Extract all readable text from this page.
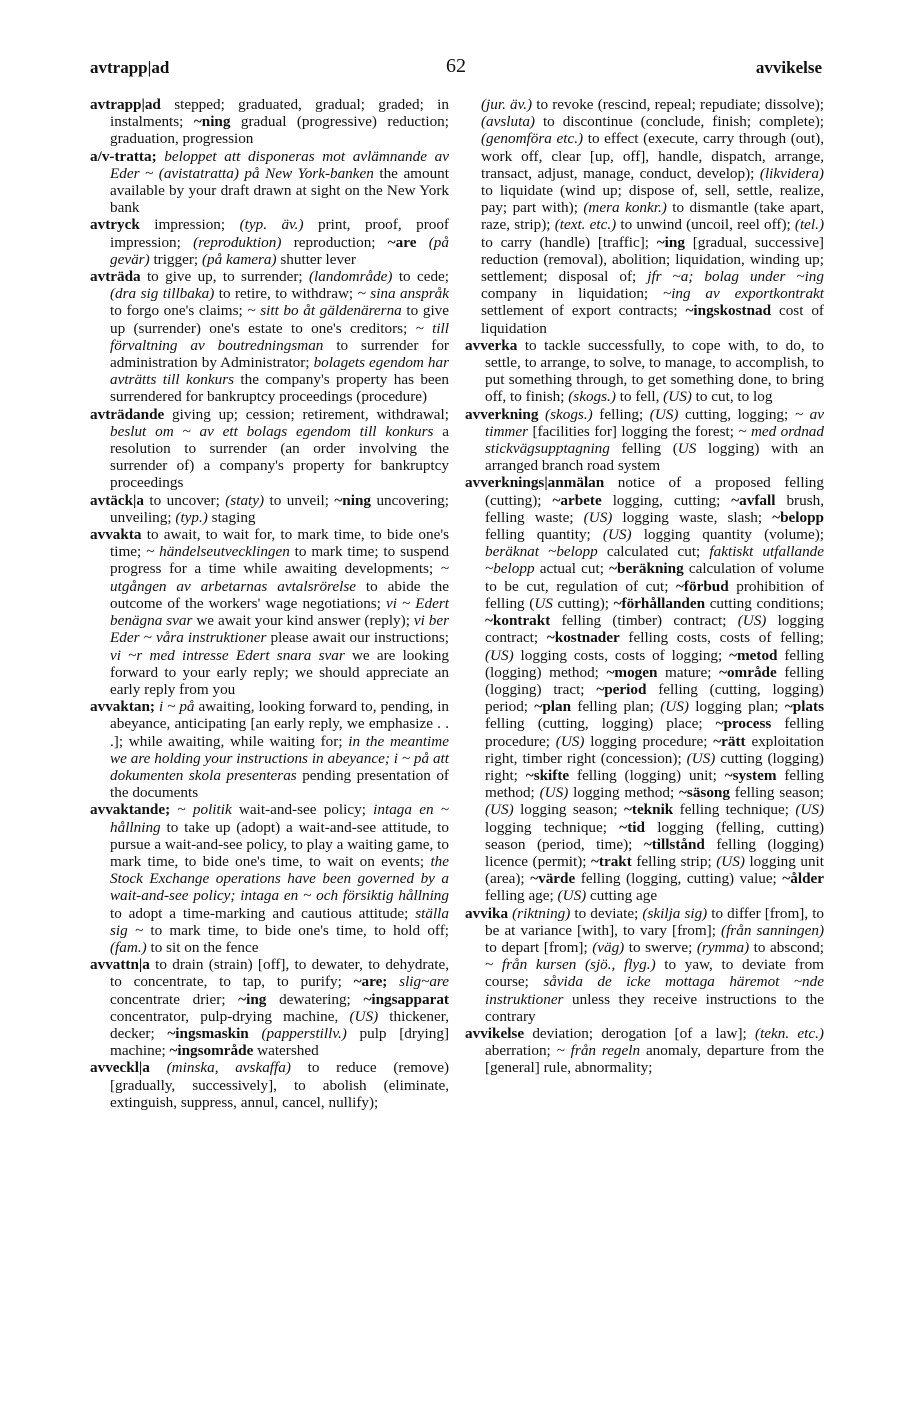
avtrapp|ad	62	avvikelse

avtrapp|ad stepped; graduated, gradual; graded; in instalments; ~ning gradual (progressive) reduction; graduation, progression

a/v-tratta; beloppet att disponeras mot avlämnande av Eder ~ (avistatratta) på New York-banken the amount available by your draft drawn at sight on the New York bank

avtryck impression; (typ. äv.) print, proof, proof impression; (reproduktion) reproduction; ~are (på gevär) trigger; (på kamera) shutter lever

avträda to give up, to surrender; (landområde) to cede; (dra sig tillbaka) to retire, to withdraw; ~ sina anspråk to forgo one's claims; ~ sitt bo åt gäldenärerna to give up (surrender) one's estate to one's creditors; ~ till förvaltning av boutredningsman to surrender for administration by Administrator; bolagets egendom har avträtts till konkurs the company's property has been surrendered for bankruptcy proceedings (procedure)

avträdande giving up; cession; retirement, withdrawal; beslut om ~ av ett bolags egendom till konkurs a resolution to surrender (an order involving the surrender of) a company's property for bankruptcy proceedings

avtäck|a to uncover; (staty) to unveil; ~ning uncovering; unveiling; (typ.) staging

avvakta to await, to wait for, to mark time, to bide one's time; ~ händelseutvecklingen to mark time; to suspend progress for a time while awaiting developments; ~ utgången av arbetarnas avtalsrörelse to abide the outcome of the workers' wage negotiations; vi ~ Edert benägna svar we await your kind answer (reply); vi ber Eder ~ våra instruktioner please await our instructions; vi ~r med intresse Edert snara svar we are looking forward to your early reply; we should appreciate an early reply from you

avvaktan; i ~ på awaiting, looking forward to, pending, in abeyance, anticipating [an early reply, we emphasize . . .]; while awaiting, while waiting for; in the meantime we are holding your instructions in abeyance; i ~ på att dokumenten skola presenteras pending presentation of the documents

avvaktande; ~ politik wait-and-see policy; intaga en ~ hållning to take up (adopt) a wait-and-see attitude, to pursue a wait-and-see policy, to play a waiting game, to mark time, to bide one's time, to wait on events; the Stock Exchange operations have been governed by a wait-and-see policy; intaga en ~ och försiktig hållning to adopt a time-marking and cautious attitude; ställa sig ~ to mark time, to bide one's time, to hold off; (fam.) to sit on the fence

avvattn|a to drain (strain) [off], to dewater, to dehydrate, to concentrate, to tap, to purify; ~are; slig~are concentrate drier; ~ing dewatering; ~ingsapparat concentrator, pulp-drying machine, (US) thickener, decker; ~ingsmaskin (papperstillv.) pulp [drying] machine; ~ingsområde watershed

avveckl|a (minska, avskaffa) to reduce (remove) [gradually, successively], to abolish (eliminate, extinguish, suppress, annul, cancel, nullify);

(jur. äv.) to revoke (rescind, repeal; repudiate; dissolve); (avsluta) to discontinue (conclude, finish; complete); (genomföra etc.) to effect (execute, carry through (out), work off, clear [up, off], handle, dispatch, arrange, transact, adjust, manage, conduct, develop); (likvidera) to liquidate (wind up; dispose of, sell, settle, realize, pay; part with); (mera konkr.) to dismantle (take apart, raze, strip); (text. etc.) to unwind (uncoil, reel off); (tel.) to carry (handle) [traffic]; ~ing [gradual, successive] reduction (removal), abolition; liquidation, winding up; settlement; disposal of; jfr ~a; bolag under ~ing company in liquidation; ~ing av exportkontrakt settlement of export contracts; ~ingskostnad cost of liquidation

avverka to tackle successfully, to cope with, to do, to settle, to arrange, to solve, to manage, to accomplish, to put something through, to get something done, to bring off, to finish; (skogs.) to fell, (US) to cut, to log

avverkning (skogs.) felling; (US) cutting, logging; ~ av timmer [facilities for] logging the forest; ~ med ordnad stickvägsupptagning felling (US logging) with an arranged branch road system

avverknings|anmälan notice of a proposed felling (cutting); ~arbete logging, cutting; ~avfall brush, felling waste; (US) logging waste, slash; ~belopp felling quantity; (US) logging quantity (volume); beräknat ~belopp calculated cut; faktiskt utfallande ~belopp actual cut; ~beräkning calculation of volume to be cut, regulation of cut; ~förbud prohibition of felling (US cutting); ~förhållanden cutting conditions; ~kontrakt felling (timber) contract; (US) logging contract; ~kostnader felling costs, costs of felling; (US) logging costs, costs of logging; ~metod felling (logging) method; ~mogen mature; ~område felling (logging) tract; ~period felling (cutting, logging) period; ~plan felling plan; (US) logging plan; ~plats felling (cutting, logging) place; ~process felling procedure; (US) logging procedure; ~rätt exploitation right, timber right (concession); (US) cutting (logging) right; ~skifte felling (logging) unit; ~system felling method; (US) logging method; ~säsong felling season; (US) logging season; ~teknik felling technique; (US) logging technique; ~tid logging (felling, cutting) season (period, time); ~tillstånd felling (logging) licence (permit); ~trakt felling strip; (US) logging unit (area); ~värde felling (logging, cutting) value; ~ålder felling age; (US) cutting age

avvika (riktning) to deviate; (skilja sig) to differ [from], to be at variance [with], to vary [from]; (från sanningen) to depart [from]; (väg) to swerve; (rymma) to abscond; ~ från kursen (sjö., flyg.) to yaw, to deviate from course; såvida de icke mottaga häremot ~nde instruktioner unless they receive instructions to the contrary

avvikelse deviation; derogation [of a law]; (tekn. etc.) aberration; ~ från regeln anomaly, departure from the [general] rule, abnormality;
